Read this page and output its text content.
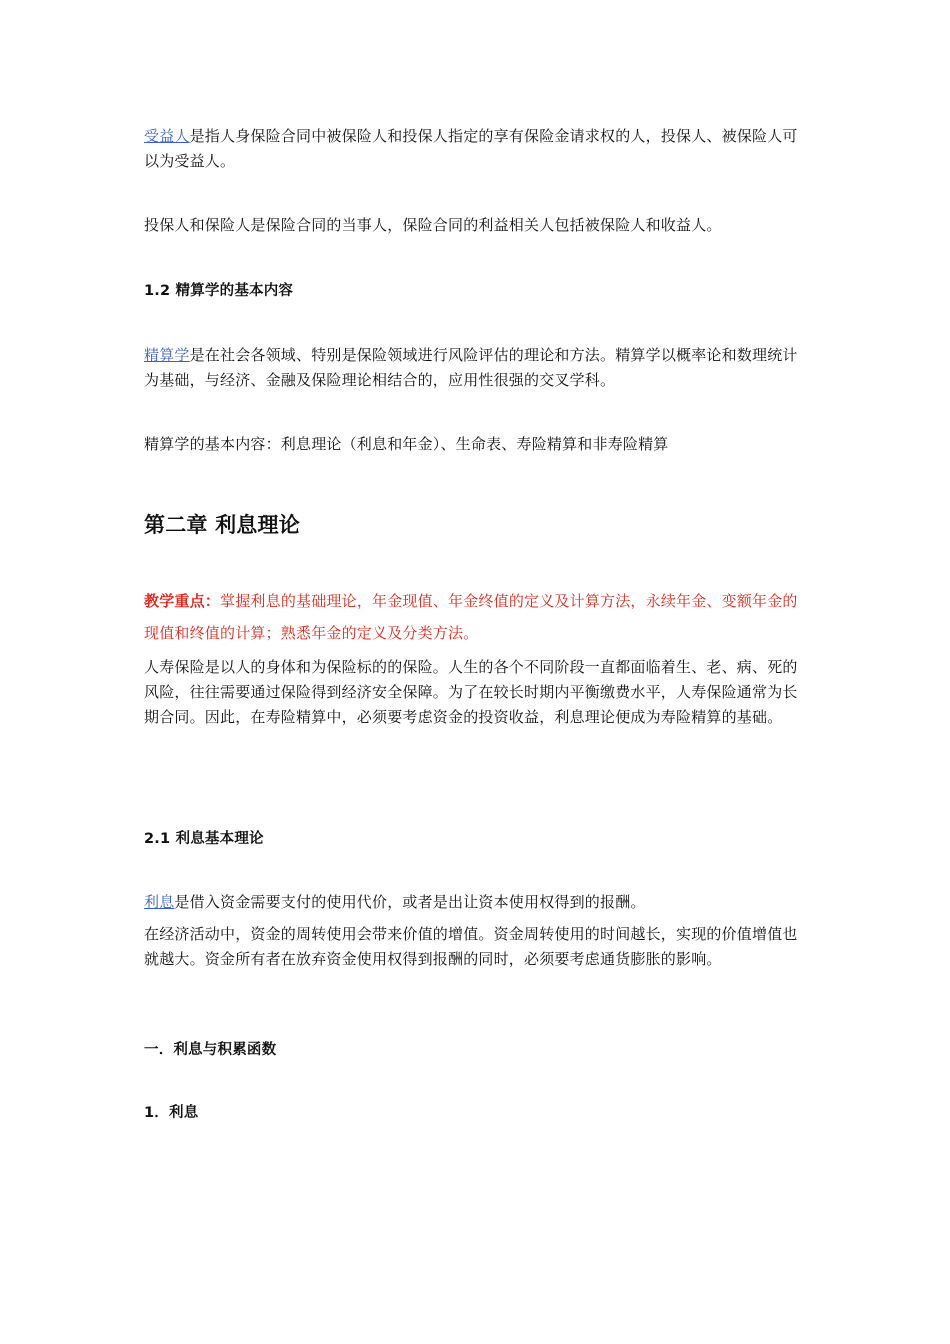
受益人是指人身保险合同中被保险人和投保人指定的享有保险金请求权的人，投保人、被保险人可以为受益人。

投保人和保险人是保险合同的当事人，保险合同的利益相关人包括被保险人和收益人。

1.2 精算学的基本内容

精算学是在社会各领域、特别是保险领域进行风险评估的理论和方法。精算学以概率论和数理统计为基础，与经济、金融及保险理论相结合的，应用性很强的交叉学科。

精算学的基本内容：利息理论（利息和年金）、生命表、寿险精算和非寿险精算

第二章 利息理论

教学重点：掌握利息的基础理论，年金现值、年金终值的定义及计算方法，永续年金、变额年金的现值和终值的计算；熟悉年金的定义及分类方法。

人寿保险是以人的身体和为保险标的的保险。人生的各个不同阶段一直都面临着生、老、病、死的风险，往往需要通过保险得到经济安全保障。为了在较长时期内平衡缴费水平，人寿保险通常为长期合同。因此，在寿险精算中，必须要考虑资金的投资收益，利息理论便成为寿险精算的基础。

2.1 利息基本理论

利息是借入资金需要支付的使用代价，或者是出让资本使用权得到的报酬。

在经济活动中，资金的周转使用会带来价值的增值。资金周转使用的时间越长，实现的价值增值也就越大。资金所有者在放弃资金使用权得到报酬的同时，必须要考虑通货膨胀的影响。

一．利息与积累函数

1．利息
